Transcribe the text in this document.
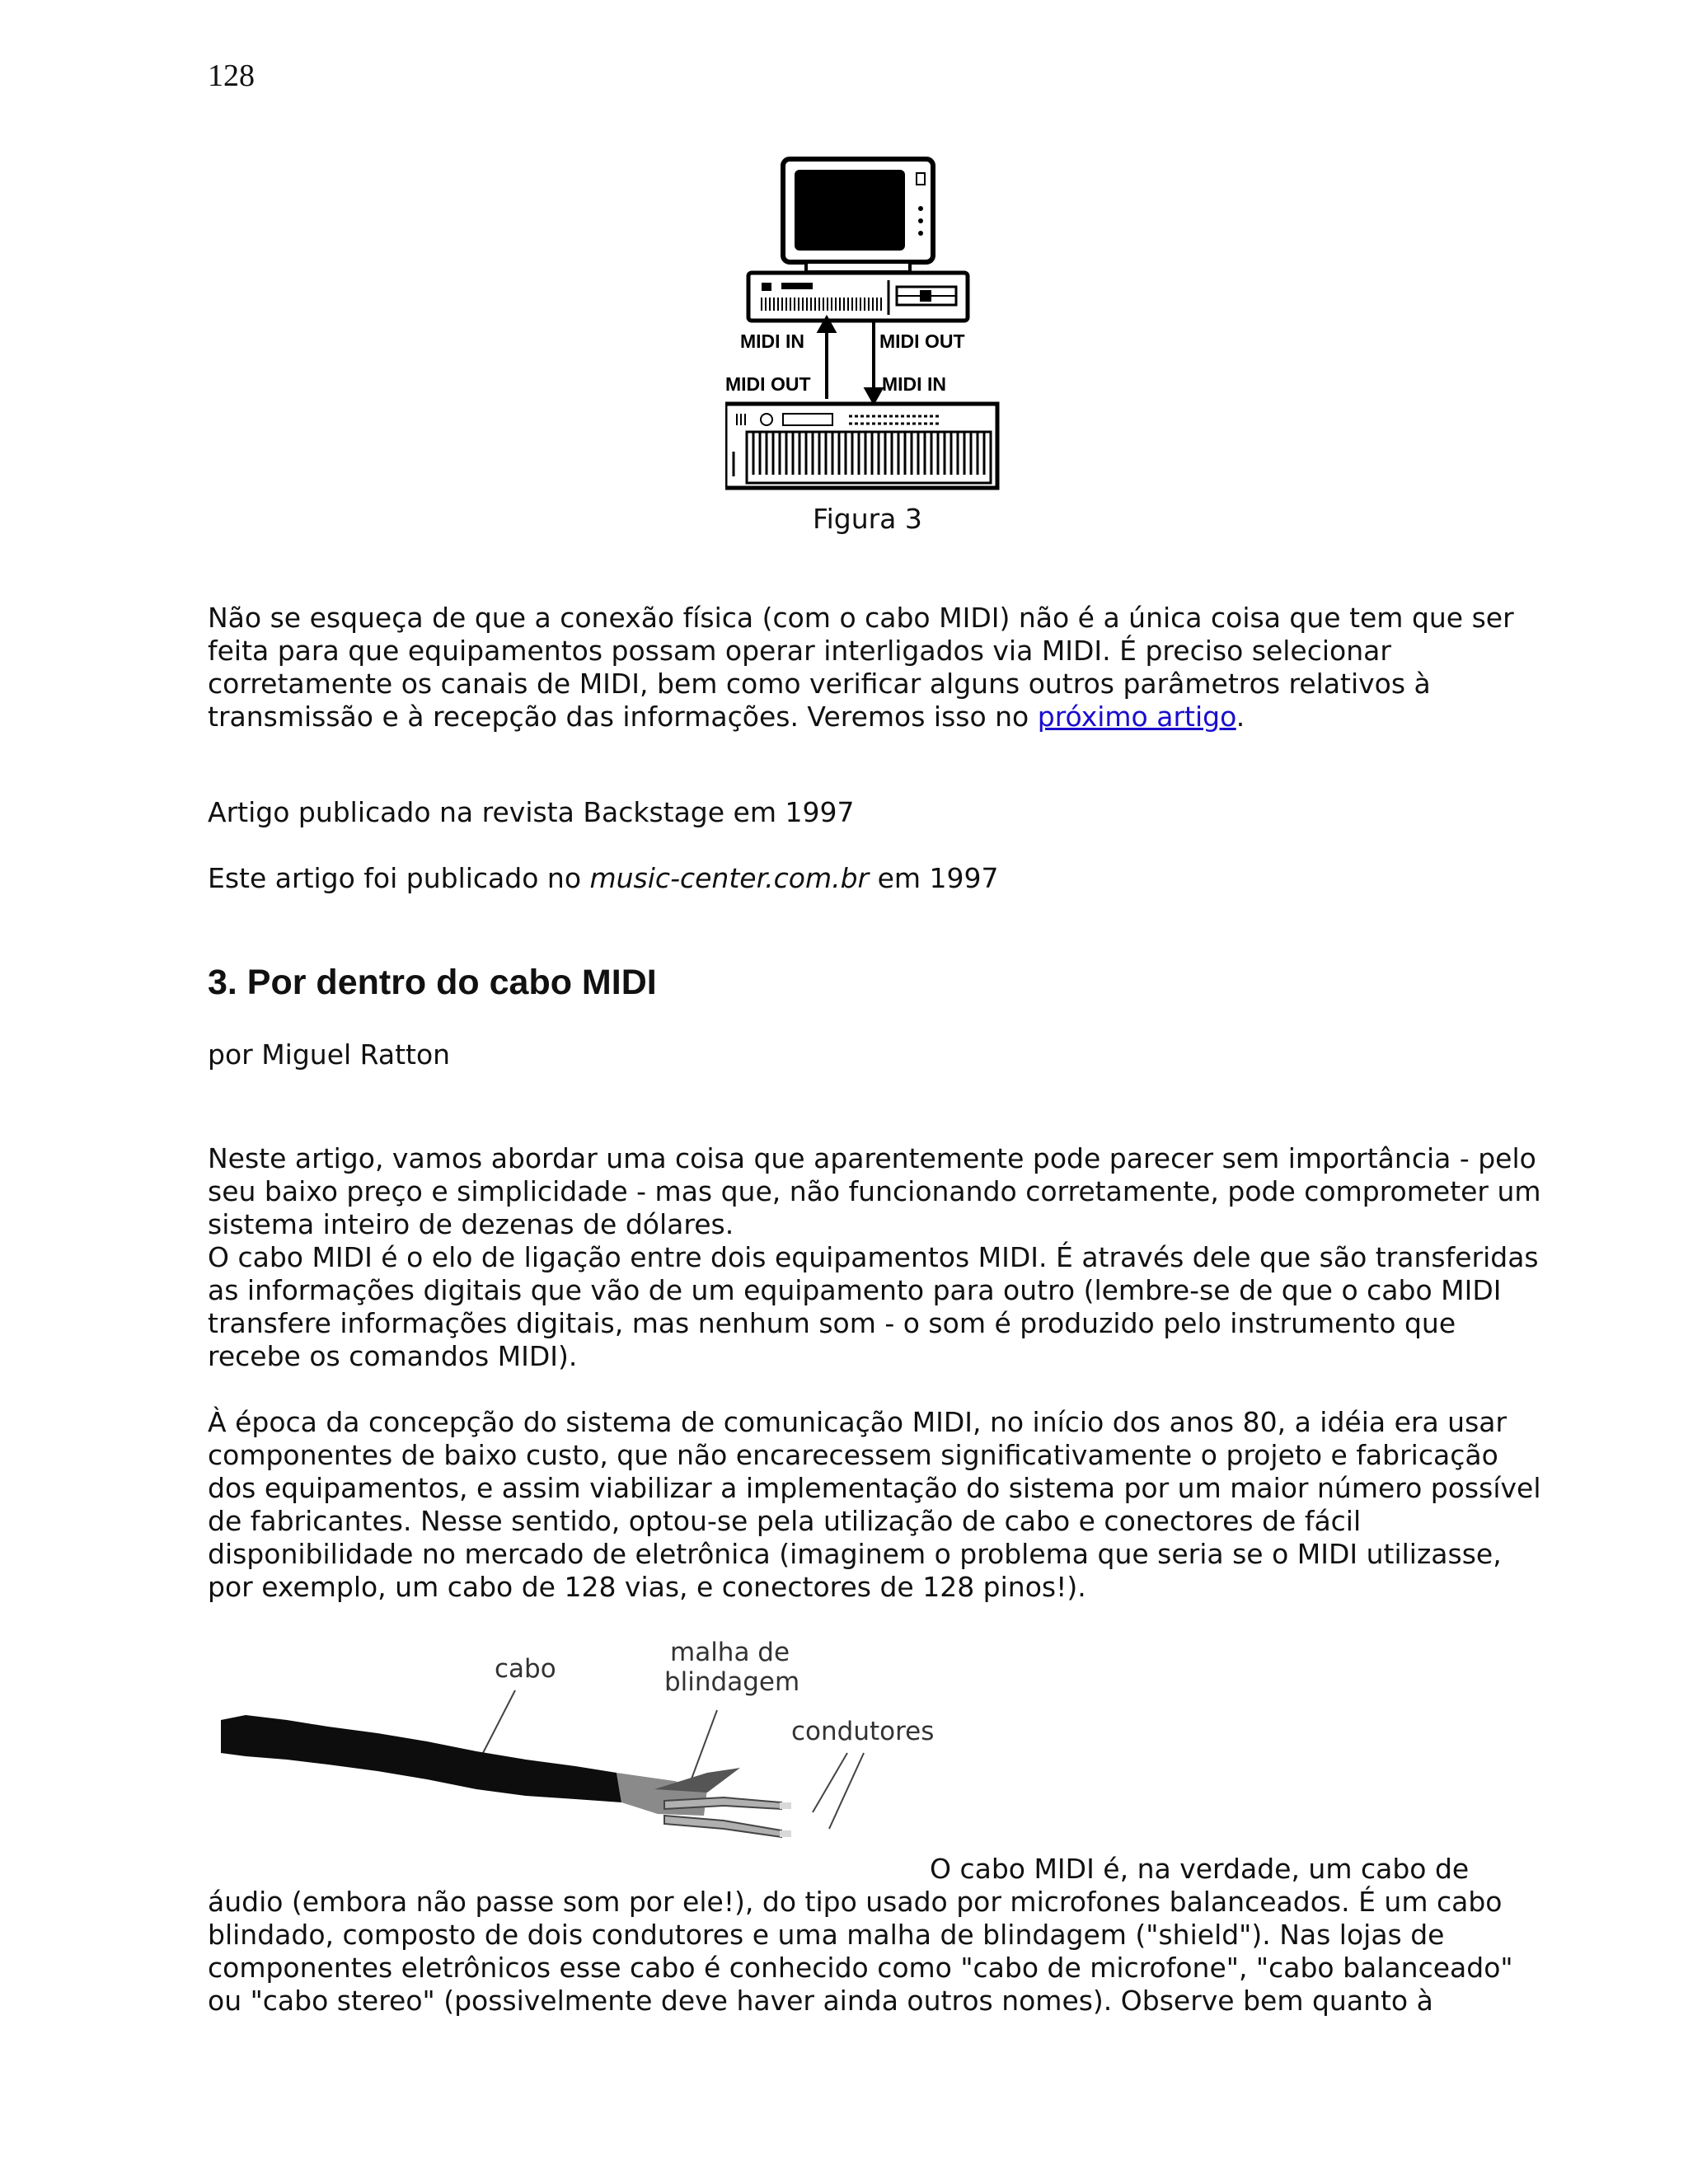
128
MIDI IN	MIDI OUT
MIDI OUT	MIDI IN
Figura 3

Não se esqueça de que a conexão física (com o cabo MIDI) não é a única coisa que tem que ser feita para que equipamentos possam operar interligados via MIDI. É preciso selecionar corretamente os canais de MIDI, bem como verificar alguns outros parâmetros relativos à transmissão e à recepção das informações. Veremos isso no próximo artigo.

Artigo publicado na revista Backstage em 1997

Este artigo foi publicado no music-center.com.br em 1997

3. Por dentro do cabo MIDI

por Miguel Ratton

Neste artigo, vamos abordar uma coisa que aparentemente pode parecer sem importância - pelo seu baixo preço e simplicidade - mas que, não funcionando corretamente, pode comprometer um sistema inteiro de dezenas de dólares.

O cabo MIDI é o elo de ligação entre dois equipamentos MIDI. É através dele que são transferidas as informações digitais que vão de um equipamento para outro (lembre-se de que o cabo MIDI transfere informações digitais, mas nenhum som - o som é produzido pelo instrumento que recebe os comandos MIDI).

À época da concepção do sistema de comunicação MIDI, no início dos anos 80, a idéia era usar componentes de baixo custo, que não encarecessem significativamente o projeto e fabricação dos equipamentos, e assim viabilizar a implementação do sistema por um maior número possível de fabricantes. Nesse sentido, optou-se pela utilização de cabo e conectores de fácil disponibilidade no mercado de eletrônica (imaginem o problema que seria se o MIDI utilizasse, por exemplo, um cabo de 128 vias, e conectores de 128 pinos!).

cabo
malha de
blindagem
condutores

O cabo MIDI é, na verdade, um cabo de

áudio (embora não passe som por ele!), do tipo usado por microfones balanceados. É um cabo blindado, composto de dois condutores e uma malha de blindagem ("shield"). Nas lojas de componentes eletrônicos esse cabo é conhecido como "cabo de microfone", "cabo balanceado" ou "cabo stereo" (possivelmente deve haver ainda outros nomes). Observe bem quanto à
